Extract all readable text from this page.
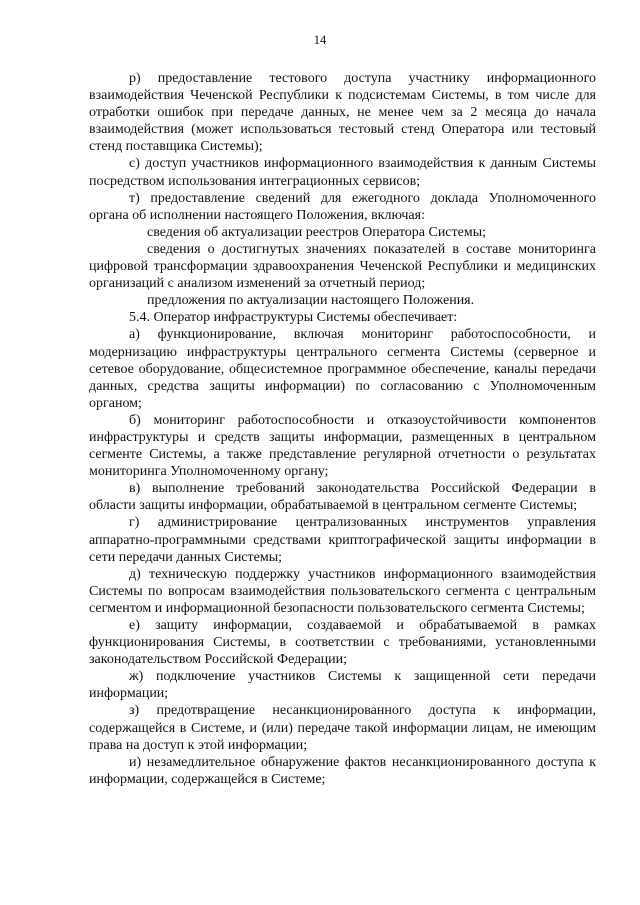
14

р) предоставление тестового доступа участнику информационного взаимодействия Чеченской Республики к подсистемам Системы, в том числе для отработки ошибок при передаче данных, не менее чем за 2 месяца до начала взаимодействия (может использоваться тестовый стенд Оператора или тестовый стенд поставщика Системы);

с) доступ участников информационного взаимодействия к данным Системы посредством использования интеграционных сервисов;

т) предоставление сведений для ежегодного доклада Уполномоченного органа об исполнении настоящего Положения, включая:

сведения об актуализации реестров Оператора Системы;

сведения о достигнутых значениях показателей в составе мониторинга цифровой трансформации здравоохранения Чеченской Республики и медицинских организаций с анализом изменений за отчетный период;

предложения по актуализации настоящего Положения.

5.4. Оператор инфраструктуры Системы обеспечивает:

а) функционирование, включая мониторинг работоспособности, и модернизацию инфраструктуры центрального сегмента Системы (серверное и сетевое оборудование, общесистемное программное обеспечение, каналы передачи данных, средства защиты информации) по согласованию с Уполномоченным органом;

б) мониторинг работоспособности и отказоустойчивости компонентов инфраструктуры и средств защиты информации, размещенных в центральном сегменте Системы, а также представление регулярной отчетности о результатах мониторинга Уполномоченному органу;

в) выполнение требований законодательства Российской Федерации в области защиты информации, обрабатываемой в центральном сегменте Системы;

г) администрирование централизованных инструментов управления аппаратно-программными средствами криптографической защиты информации в сети передачи данных Системы;

д) техническую поддержку участников информационного взаимодействия Системы по вопросам взаимодействия пользовательского сегмента с центральным сегментом и информационной безопасности пользовательского сегмента Системы;

е) защиту информации, создаваемой и обрабатываемой в рамках функционирования Системы, в соответствии с требованиями, установленными законодательством Российской Федерации;

ж) подключение участников Системы к защищенной сети передачи информации;

з) предотвращение несанкционированного доступа к информации, содержащейся в Системе, и (или) передаче такой информации лицам, не имеющим права на доступ к этой информации;

и) незамедлительное обнаружение фактов несанкционированного доступа к информации, содержащейся в Системе;
